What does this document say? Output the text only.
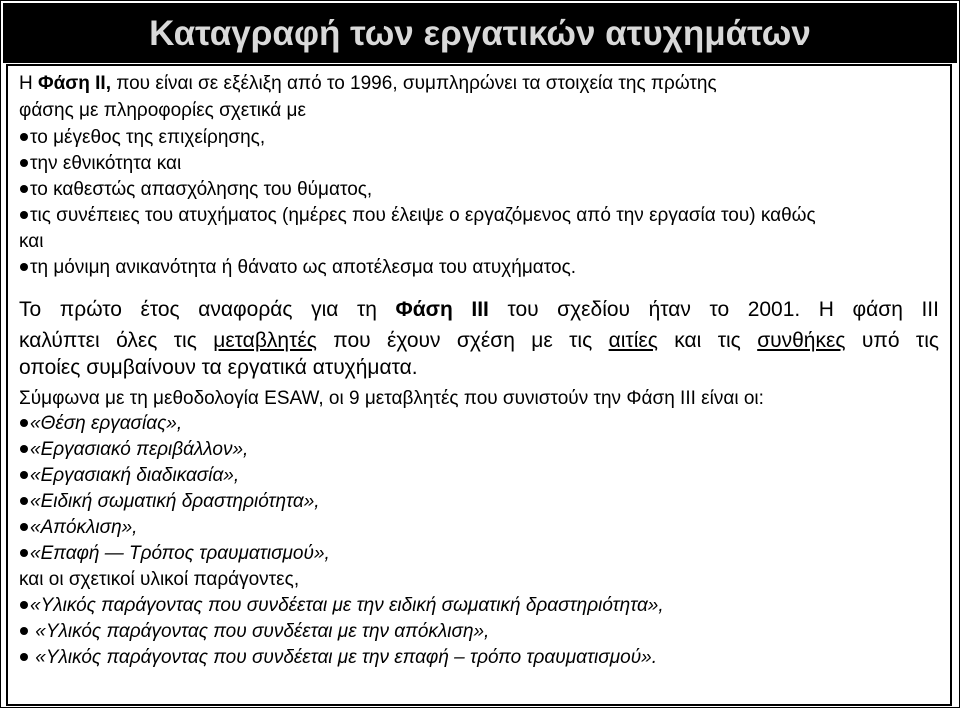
Καταγραφή των εργατικών ατυχημάτων
Η Φάση ΙΙ, που είναι σε εξέλιξη από το 1996, συμπληρώνει τα στοιχεία της πρώτης
φάσης με πληροφορίες σχετικά με
το μέγεθος της επιχείρησης,
την εθνικότητα και
το καθεστώς απασχόλησης του θύματος,
τις συνέπειες του ατυχήματος (ημέρες που έλειψε ο εργαζόμενος από την εργασία του) καθώς
και
τη μόνιμη ανικανότητα ή θάνατο ως αποτέλεσμα του ατυχήματος.
Το πρώτο έτος αναφοράς για τη Φάση ΙΙΙ του σχεδίου ήταν το 2001. Η φάση ΙΙΙ
καλύπτει όλες τις μεταβλητές που έχουν σχέση με τις αιτίες και τις συνθήκες υπό τις
οποίες συμβαίνουν τα εργατικά ατυχήματα.
Σύμφωνα με τη μεθοδολογία ESAW, οι 9 μεταβλητές που συνιστούν την Φάση ΙΙΙ είναι οι:
«Θέση εργασίας»,
«Εργασιακό περιβάλλον»,
«Εργασιακή διαδικασία»,
«Ειδική σωματική δραστηριότητα»,
«Απόκλιση»,
«Επαφή — Τρόπος τραυματισμού»,
και οι σχετικοί υλικοί παράγοντες,
«Υλικός παράγοντας που συνδέεται με την ειδική σωματική δραστηριότητα»,
«Υλικός παράγοντας που συνδέεται με την απόκλιση»,
«Υλικός παράγοντας που συνδέεται με την επαφή – τρόπο τραυματισμού».
